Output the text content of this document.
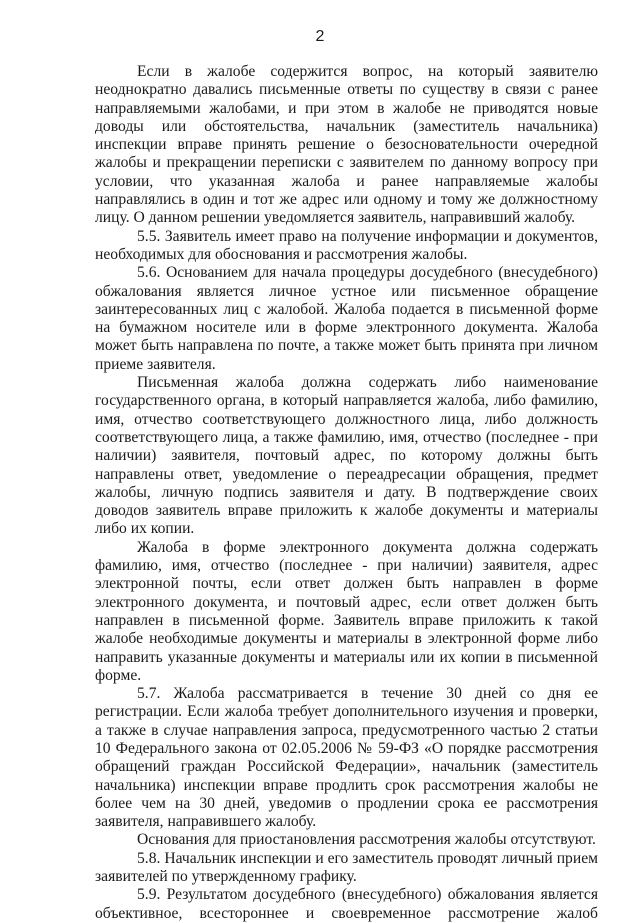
2

Если в жалобе содержится вопрос, на который заявителю неоднократно давались письменные ответы по существу в связи с ранее направляемыми жалобами, и при этом в жалобе не приводятся новые доводы или обстоятельства, начальник (заместитель начальника) инспекции вправе принять решение о безосновательности очередной жалобы и прекращении переписки с заявителем по данному вопросу при условии, что указанная жалоба и ранее направляемые жалобы направлялись в один и тот же адрес или одному и тому же должностному лицу. О данном решении уведомляется заявитель, направивший жалобу.

5.5. Заявитель имеет право на получение информации и документов, необходимых для обоснования и рассмотрения жалобы.

5.6. Основанием для начала процедуры досудебного (внесудебного) обжалования является личное устное или письменное обращение заинтересованных лиц с жалобой. Жалоба подается в письменной форме на бумажном носителе или в форме электронного документа. Жалоба может быть направлена по почте, а также может быть принята при личном приеме заявителя.

Письменная жалоба должна содержать либо наименование государственного органа, в который направляется жалоба, либо фамилию, имя, отчество соответствующего должностного лица, либо должность соответствующего лица, а также фамилию, имя, отчество (последнее - при наличии) заявителя, почтовый адрес, по которому должны быть направлены ответ, уведомление о переадресации обращения, предмет жалобы, личную подпись заявителя и дату. В подтверждение своих доводов заявитель вправе приложить к жалобе документы и материалы либо их копии.

Жалоба в форме электронного документа должна содержать фамилию, имя, отчество (последнее - при наличии) заявителя, адрес электронной почты, если ответ должен быть направлен в форме электронного документа, и почтовый адрес, если ответ должен быть направлен в письменной форме. Заявитель вправе приложить к такой жалобе необходимые документы и материалы в электронной форме либо направить указанные документы и материалы или их копии в письменной форме.

5.7. Жалоба рассматривается в течение 30 дней со дня ее регистрации. Если жалоба требует дополнительного изучения и проверки, а также в случае направления запроса, предусмотренного частью 2 статьи 10 Федерального закона от 02.05.2006 № 59-ФЗ «О порядке рассмотрения обращений граждан Российской Федерации», начальник (заместитель начальника) инспекции вправе продлить срок рассмотрения жалобы не более чем на 30 дней, уведомив о продлении срока ее рассмотрения заявителя, направившего жалобу.

Основания для приостановления рассмотрения жалобы отсутствуют.

5.8. Начальник инспекции и его заместитель проводят личный прием заявителей по утвержденному графику.

5.9. Результатом досудебного (внесудебного) обжалования является объективное, всестороннее и своевременное рассмотрение жалоб
